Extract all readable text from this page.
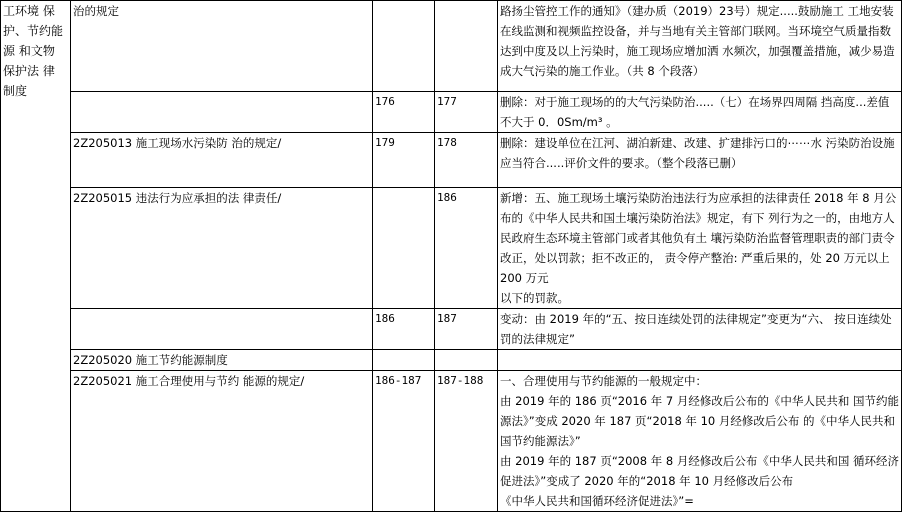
工环境 保护、节约能 源 和文物 保护法 律 制度	治的规定			路扬尘管控工作的通知》（建办质（2019）23号）规定.....鼓励施工 工地安装在线监测和视频监控设备，并与当地有关主管部门联网。当环境空气质量指数达到中度及以上污染时，施工现场应增加洒 水频次，加强覆盖措施，减少易造成大气污染的施工作业。（共 8 个段落）
		176	177	删除：对于施工现场的的大气污染防治.....（七）在场界四周隔 挡高度...差值不大于 0．0Sm/m³ 。
	2Z205013 施工现场水污染防 治的规定/	179	178	删除：建设单位在江河、湖泊新建、改建、扩建排污口的⋯⋯水 污染防治设施应当符合.....评价文件的要求。（整个段落已删）
	2Z205015 违法行为应承担的法 律责任/		186	新增：五、施工现场土壤污染防治违法行为应承担的法律责任 2018 年 8 月公布的《中华人民共和国土壤污染防治法》规定，有下 列行为之一的，由地方人民政府生态环境主管部门或者其他负有土 壤污染防治监督管理职责的部门责令改正，处以罚款；拒不改正的， 责令停产整治: 严重后果的，处 20 万元以上 200 万元
以下的罚款。

		186	187	变动：由 2019 年的“五、按日连续处罚的法律规定”变更为“六、 按日连续处罚的法律规定”
	2Z205020 施工节约能源制度			
	2Z205021 施工合理使用与节约 能源的规定/	186-187	187-188	一、合理使用与节约能源的一般规定中：
由 2019 年的 186 页“2016 年 7 月经修改后公布的《中华人民共和 国节约能源法》”变成 2020 年 187 页“2018 年 10 月经修改后公布 的《中华人民共和国节约能源法》”
由 2019 年的 187 页“2008 年 8 月经修改后公布《中华人民共和国 循环经济促进法》”变成了 2020 年的“2018 年 10 月经修改后公布
《中华人民共和国循环经济促进法》”=
